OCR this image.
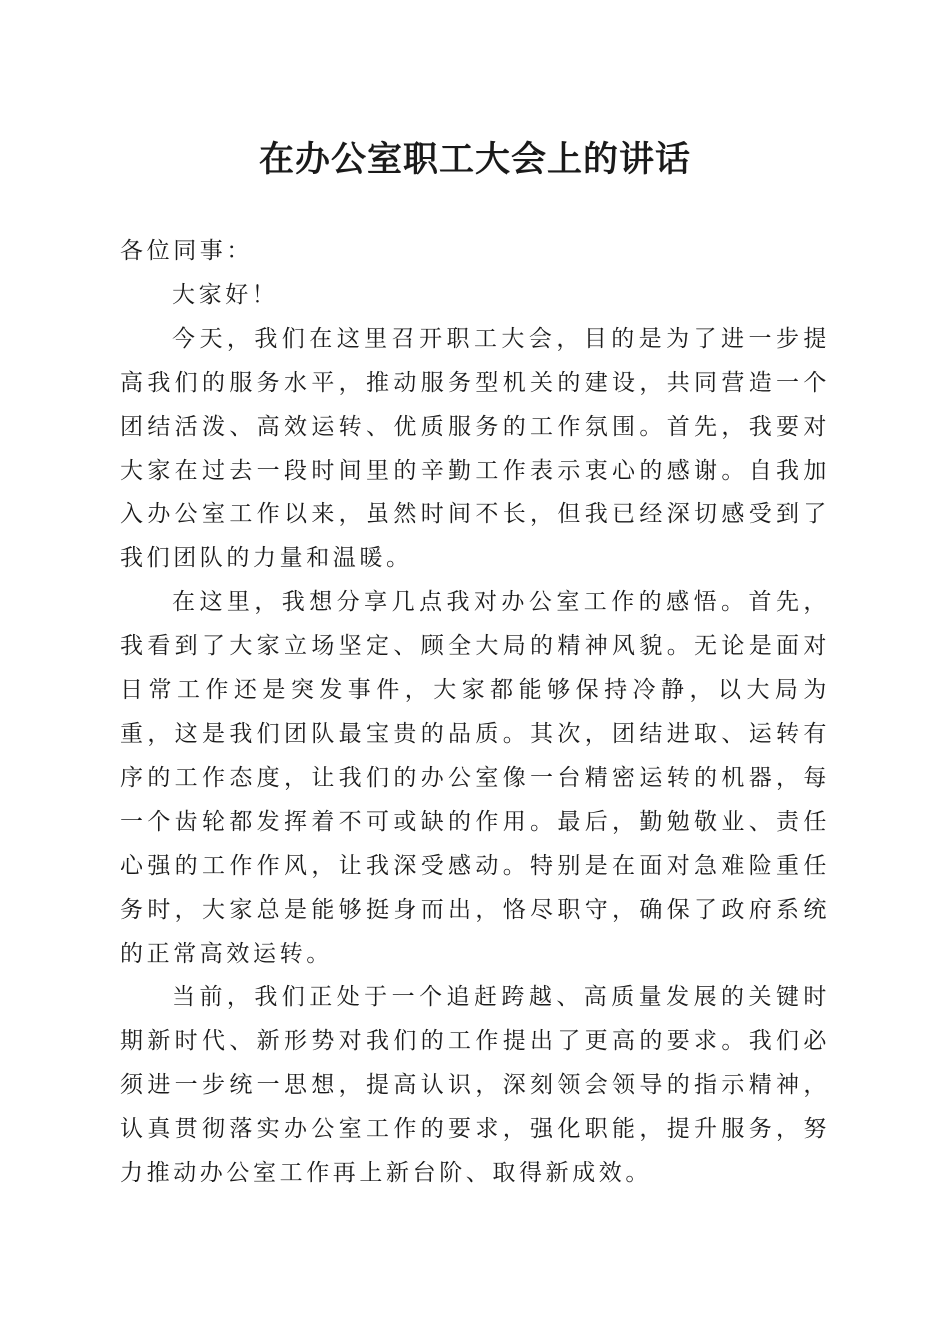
在办公室职工大会上的讲话

各位同事：

大家好！

今天，我们在这里召开职工大会，目的是为了进一步提高我们的服务水平，推动服务型机关的建设，共同营造一个团结活泼、高效运转、优质服务的工作氛围。首先，我要对大家在过去一段时间里的辛勤工作表示衷心的感谢。自我加入办公室工作以来，虽然时间不长，但我已经深切感受到了我们团队的力量和温暖。

在这里，我想分享几点我对办公室工作的感悟。首先，我看到了大家立场坚定、顾全大局的精神风貌。无论是面对日常工作还是突发事件，大家都能够保持冷静，以大局为重，这是我们团队最宝贵的品质。其次，团结进取、运转有序的工作态度，让我们的办公室像一台精密运转的机器，每一个齿轮都发挥着不可或缺的作用。最后，勤勉敬业、责任心强的工作作风，让我深受感动。特别是在面对急难险重任务时，大家总是能够挺身而出，恪尽职守，确保了政府系统的正常高效运转。

当前，我们正处于一个追赶跨越、高质量发展的关键时期新时代、新形势对我们的工作提出了更高的要求。我们必须进一步统一思想，提高认识，深刻领会领导的指示精神，认真贯彻落实办公室工作的要求，强化职能，提升服务，努力推动办公室工作再上新台阶、取得新成效。
